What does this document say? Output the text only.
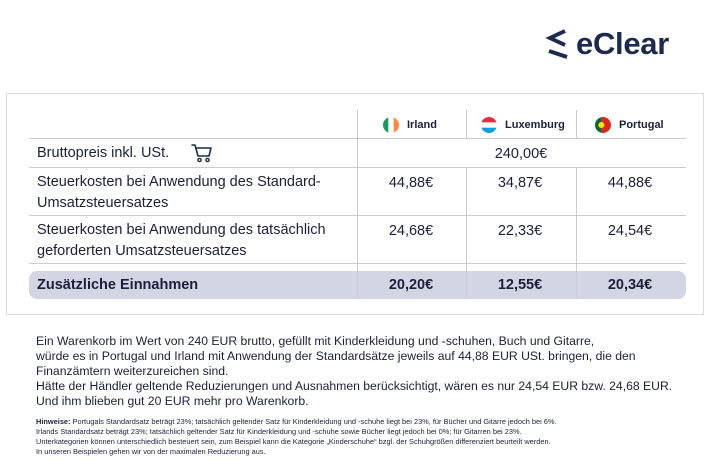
eClear
Irland	Luxemburg	Portugal
Bruttopreis inkl. USt.	240,00€
Steuerkosten bei Anwendung des Standard-
Umsatzsteuersatzes
44,88€	34,87€	44,88€
Steuerkosten bei Anwendung des tatsächlich
geforderten Umsatzsteuersatzes
24,68€	22,33€	24,54€
Zusätzliche Einnahmen	20,20€	12,55€	20,34€

Ein Warenkorb im Wert von 240 EUR brutto, gefüllt mit Kinderkleidung und -schuhen, Buch und Gitarre,

würde es in Portugal und Irland mit Anwendung der Standardsätze jeweils auf 44,88 EUR USt. bringen, die den

Finanzämtern weiterzureichen sind.

Hätte der Händler geltende Reduzierungen und Ausnahmen berücksichtigt, wären es nur 24,54 EUR bzw. 24,68 EUR.

Und ihm blieben gut 20 EUR mehr pro Warenkorb.

Hinweise: Portugals Standardsatz beträgt 23%; tatsächlich geltender Satz für Kinderkleidung und -schuhe liegt bei 23%, für Bücher und Gitarre jedoch bei 6%.

Irlands Standardsatz beträgt 23%; tatsächlich geltender Satz für Kinderkleidung und -schuhe sowie Bücher liegt jedoch bei 0%; für Gitarren bei 23%.

Unterkategorien können unterschiedlich besteuert sein, zum Beispiel kann die Kategorie „Kinderschuhe“ bzgl. der Schuhgrößen differenziert beurteilt werden.

In unseren Beispielen gehen wir von der maximalen Reduzierung aus.
